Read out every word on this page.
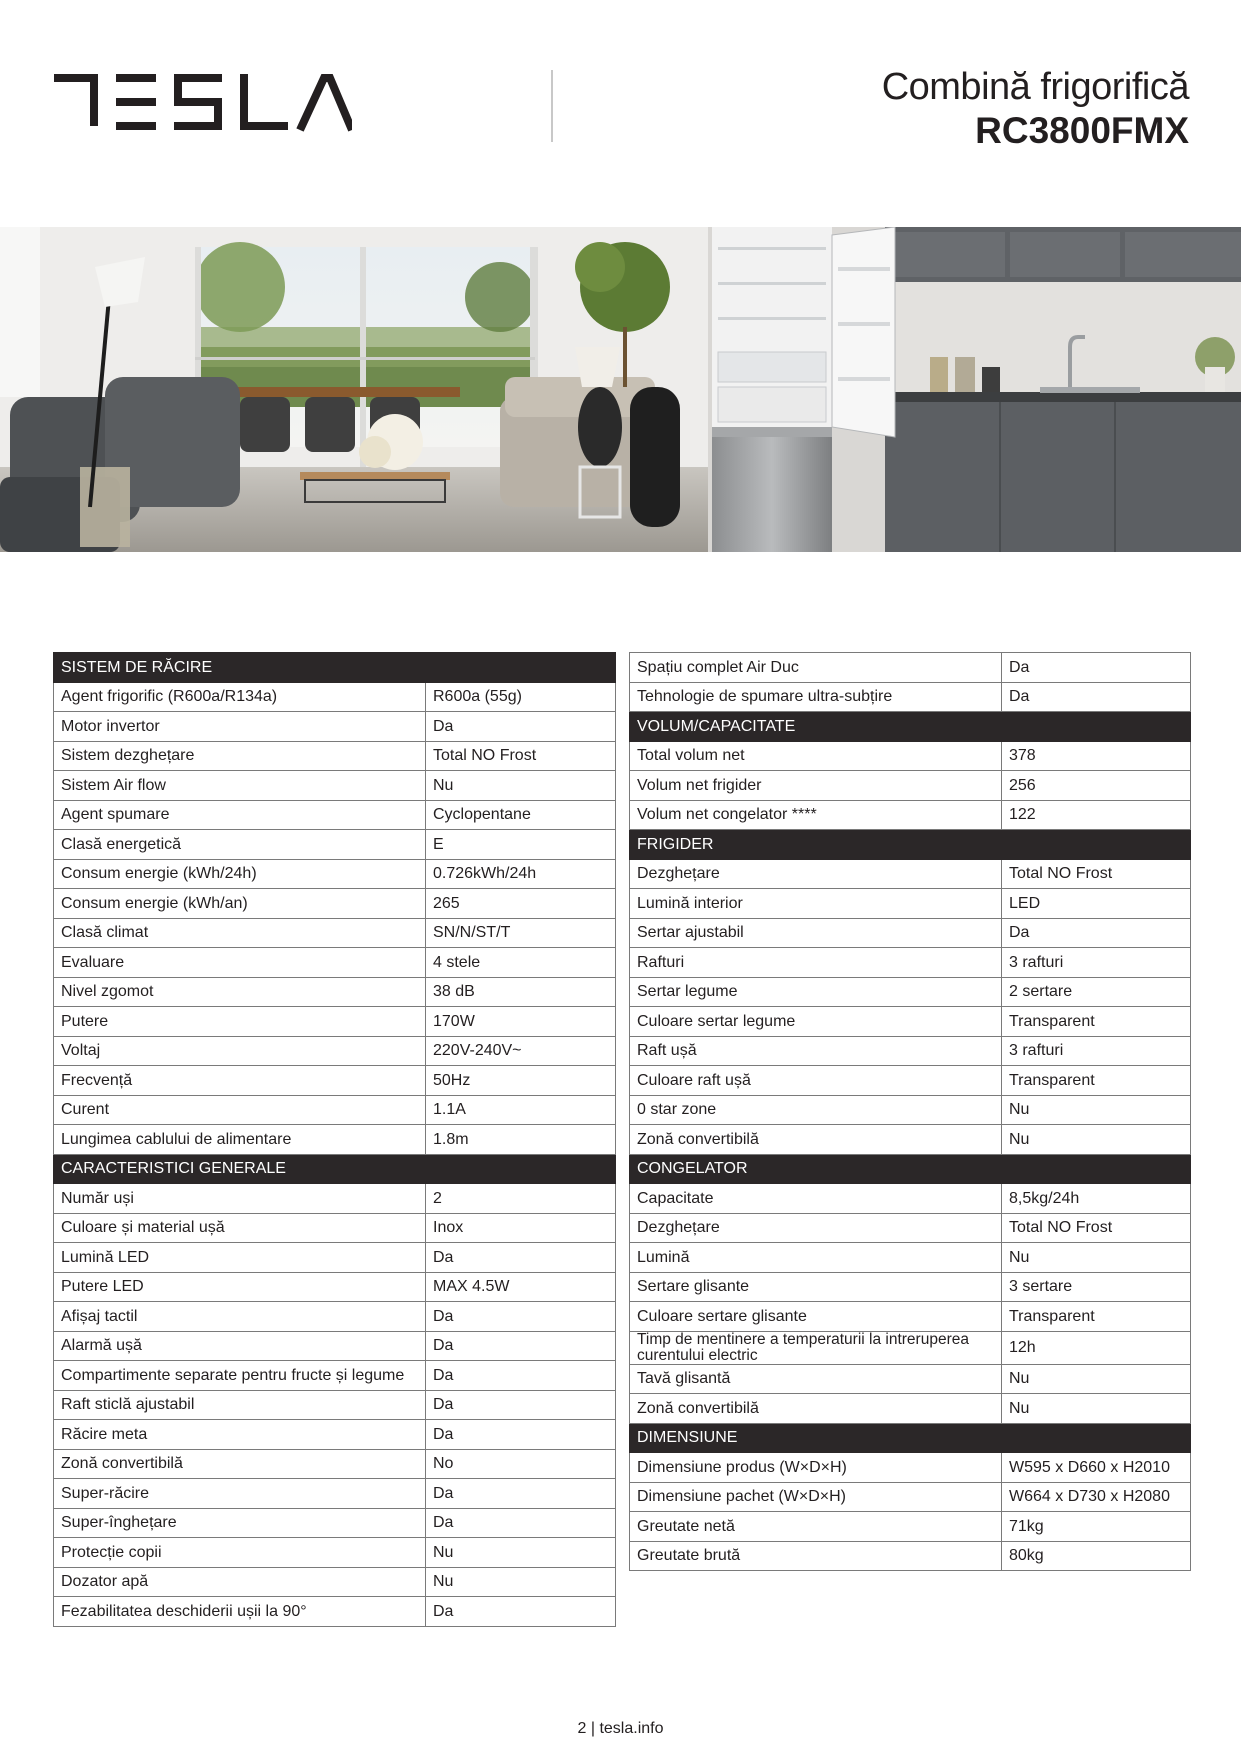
Combină frigorifică
RC3800FMX
SISTEM DE RĂCIRE	
Agent frigorific (R600a/R134a)	R600a (55g)
Motor invertor	Da
Sistem dezghețare	Total NO Frost
Sistem Air flow	Nu
Agent spumare	Cyclopentane
Clasă energetică	E
Consum energie (kWh/24h)	0.726kWh/24h
Consum energie (kWh/an)	265
Clasă climat	SN/N/ST/T
Evaluare	4 stele
Nivel zgomot	38 dB
Putere	170W
Voltaj	220V-240V~
Frecvență	50Hz
Curent	1.1A
Lungimea cablului de alimentare	1.8m
CARACTERISTICI GENERALE	
Număr uși	2
Culoare și material ușă	Inox
Lumină LED	Da
Putere LED	MAX 4.5W
Afișaj tactil	Da
Alarmă ușă	Da
Compartimente separate pentru fructe și legume	Da
Raft sticlă ajustabil	Da
Răcire meta	Da
Zonă convertibilă	No
Super-răcire	Da
Super-înghețare	Da
Protecție copii	Nu
Dozator apă	Nu
Fezabilitatea deschiderii ușii la 90°	Da
Spațiu complet Air Duc	Da
Tehnologie de spumare ultra-subțire	Da
VOLUM/CAPACITATE	
Total volum net	378
Volum net frigider	256
Volum net congelator ****	122
FRIGIDER	
Dezghețare	Total NO Frost
Lumină interior	LED
Sertar ajustabil	Da
Rafturi	3 rafturi
Sertar legume	2 sertare
Culoare sertar legume	Transparent
Raft ușă	3 rafturi
Culoare raft ușă	Transparent
0 star zone	Nu
Zonă convertibilă	Nu
CONGELATOR	
Capacitate	8,5kg/24h
Dezghețare	Total NO Frost
Lumină	Nu
Sertare glisante	3 sertare
Culoare sertare glisante	Transparent
Timp de mentinere a temperaturii la intreruperea curentului electric	12h
Tavă glisantă	Nu
Zonă convertibilă	Nu
DIMENSIUNE	
Dimensiune produs (W×D×H)	W595 x D660 x H2010
Dimensiune pachet (W×D×H)	W664 x D730 x H2080
Greutate netă	71kg
Greutate brută	80kg
2 | tesla.info
